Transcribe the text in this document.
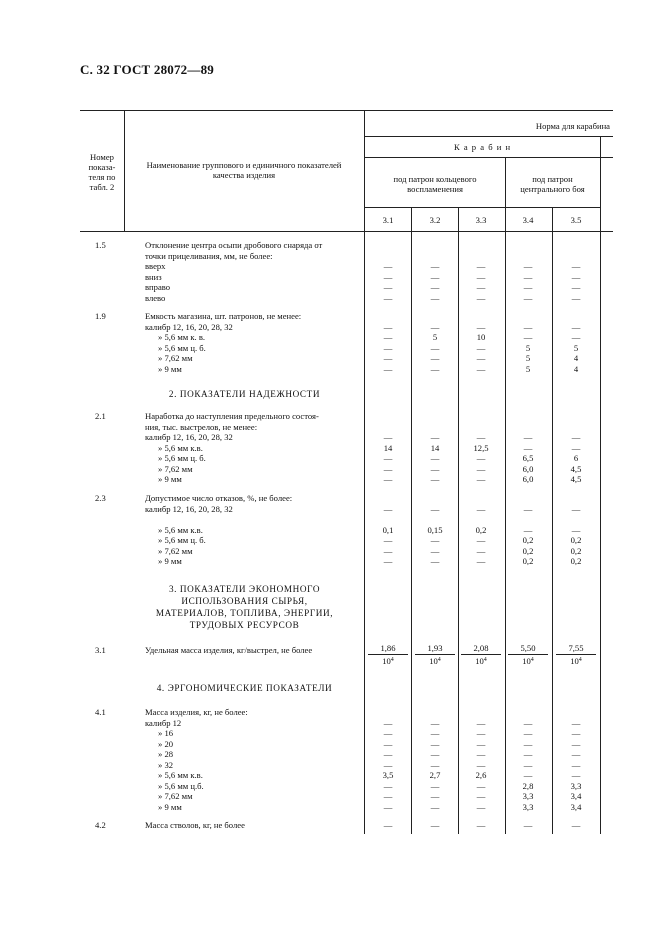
С. 32 ГОСТ 28072—89
Номер
показа-
теля по
табл. 2
Наименование группового и единичного показателей
качества изделия
Норма для карабина
К а р а б и н
под патрон кольцевого
воспламенения
под патрон
центрального боя
3.1	3.2	3.3	3.4	3.5
1.5	Отклонение центра осыпи дробового снаряда от
точки прицеливания, мм, не более:
вверх	—	—	—	—	—
вниз	—	—	—	—	—
вправо	—	—	—	—	—
влево	—	—	—	—	—
1.9	Емкость магазина, шт. патронов, не менее:
калибр 12, 16, 20, 28, 32	—	—	—	—	—
» 5,6 мм к. в.	—	5	10	—	—
» 5,6 мм ц. б.	—	—	—	5	5
» 7,62 мм	—	—	—	5	4
» 9 мм	—	—	—	5	4
2. ПОКАЗАТЕЛИ НАДЕЖНОСТИ
2.1	Наработка до наступления предельного состоя-
ния, тыс. выстрелов, не менее:
калибр 12, 16, 20, 28, 32	—	—	—	—	—
» 5,6 мм к.в.	14	14	12,5	—	—
» 5,6 мм ц. б.	—	—	—	6,5	6
» 7,62 мм	—	—	—	6,0	4,5
» 9 мм	—	—	—	6,0	4,5
2.3	Допустимое число отказов, %, не более:
калибр 12, 16, 20, 28, 32	—	—	—	—	—
» 5,6 мм к.в.	0,1	0,15	0,2	—	—
» 5,6 мм ц. б.	—	—	—	0,2	0,2
» 7,62 мм	—	—	—	0,2	0,2
» 9 мм	—	—	—	0,2	0,2
3. ПОКАЗАТЕЛИ ЭКОНОМНОГО
ИСПОЛЬЗОВАНИЯ СЫРЬЯ,
МАТЕРИАЛОВ, ТОПЛИВА, ЭНЕРГИИ,
ТРУДОВЫХ РЕСУРСОВ
3.1	Удельная масса изделия, кг/выстрел, не более	$\frac{1,86}{10^4} \frac{1,93}{10^4} \frac{2,08}{10^4} \frac{5,50}{10^4} \frac{7,55}{10^4}$
4. ЭРГОНОМИЧЕСКИЕ ПОКАЗАТЕЛИ
4.1	Масса изделия, кг, не более:
калибр 12	—	—	—	—	—
» 16	—	—	—	—	—
» 20	—	—	—	—	—
» 28	—	—	—	—	—
» 32	—	—	—	—	—
» 5,6 мм к.в.	3,5	2,7	2,6	—	—
» 5,6 мм ц.б.	—	—	—	2,8	3,3
» 7,62 мм	—	—	—	3,3	3,4
» 9 мм	—	—	—	3,3	3,4
4.2	Масса стволов, кг, не более	—	—	—	—	—
